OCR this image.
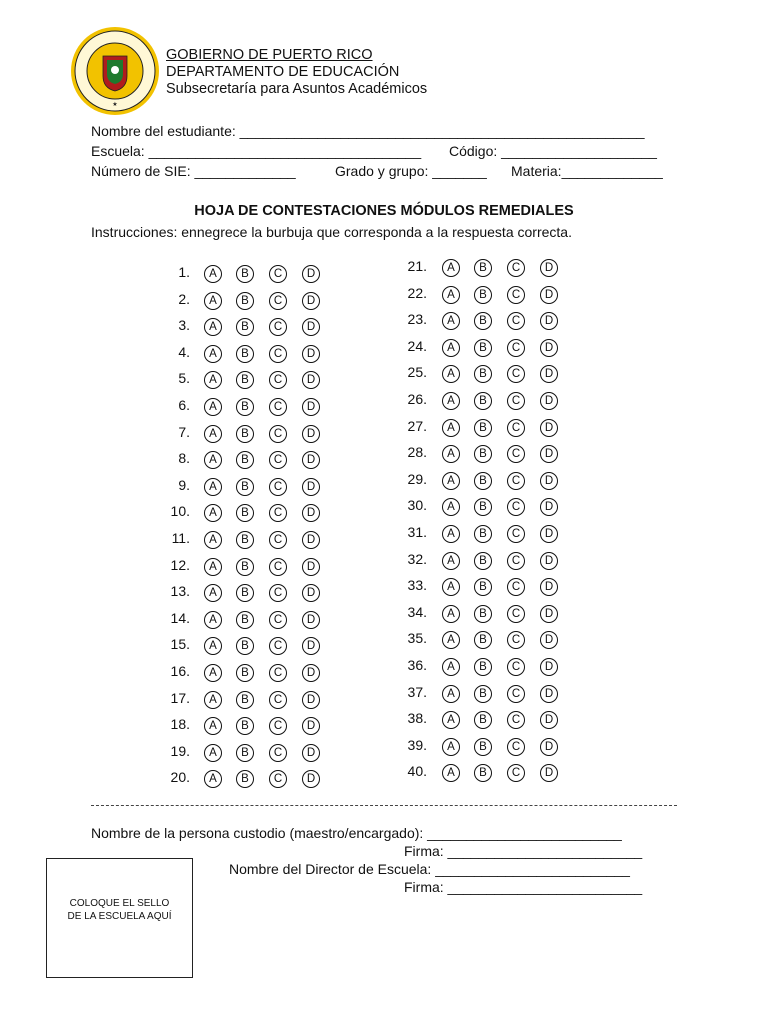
★
GOBIERNO DE PUERTO RICO
DEPARTAMENTO DE EDUCACIÓN
Subsecretaría para Asuntos Académicos
Nombre del estudiante: ____________________________________________________
Escuela: ___________________________________ Código: ____________________
Número de SIE: _____________	Grado y grupo: _______ Materia:_____________
HOJA DE CONTESTACIONES MÓDULOS REMEDIALES
Instrucciones: ennegrece la burbuja que corresponda a la respuesta correcta.
1.	A	B	C	D
2.	A	B	C	D
3.	A	B	C	D
4.	A	B	C	D
5.	A	B	C	D
6.	A	B	C	D
7.	A	B	C	D
8.	A	B	C	D
9.	A	B	C	D
10.	A	B	C	D
11.	A	B	C	D
12.	A	B	C	D
13.	A	B	C	D
14.	A	B	C	D
15.	A	B	C	D
16.	A	B	C	D
17.	A	B	C	D
18.	A	B	C	D
19.	A	B	C	D
20.	A	B	C	D
21.	A	B	C	D
22.	A	B	C	D
23.	A	B	C	D
24.	A	B	C	D
25.	A	B	C	D
26.	A	B	C	D
27.	A	B	C	D
28.	A	B	C	D
29.	A	B	C	D
30.	A	B	C	D
31.	A	B	C	D
32.	A	B	C	D
33.	A	B	C	D
34.	A	B	C	D
35.	A	B	C	D
36.	A	B	C	D
37.	A	B	C	D
38.	A	B	C	D
39.	A	B	C	D
40.	A	B	C	D
Nombre de la persona custodio (maestro/encargado): _________________________
Firma: _________________________
Nombre del Director de Escuela: _________________________
Firma: _________________________
COLOQUE EL SELLO
DE LA ESCUELA AQUÍ
